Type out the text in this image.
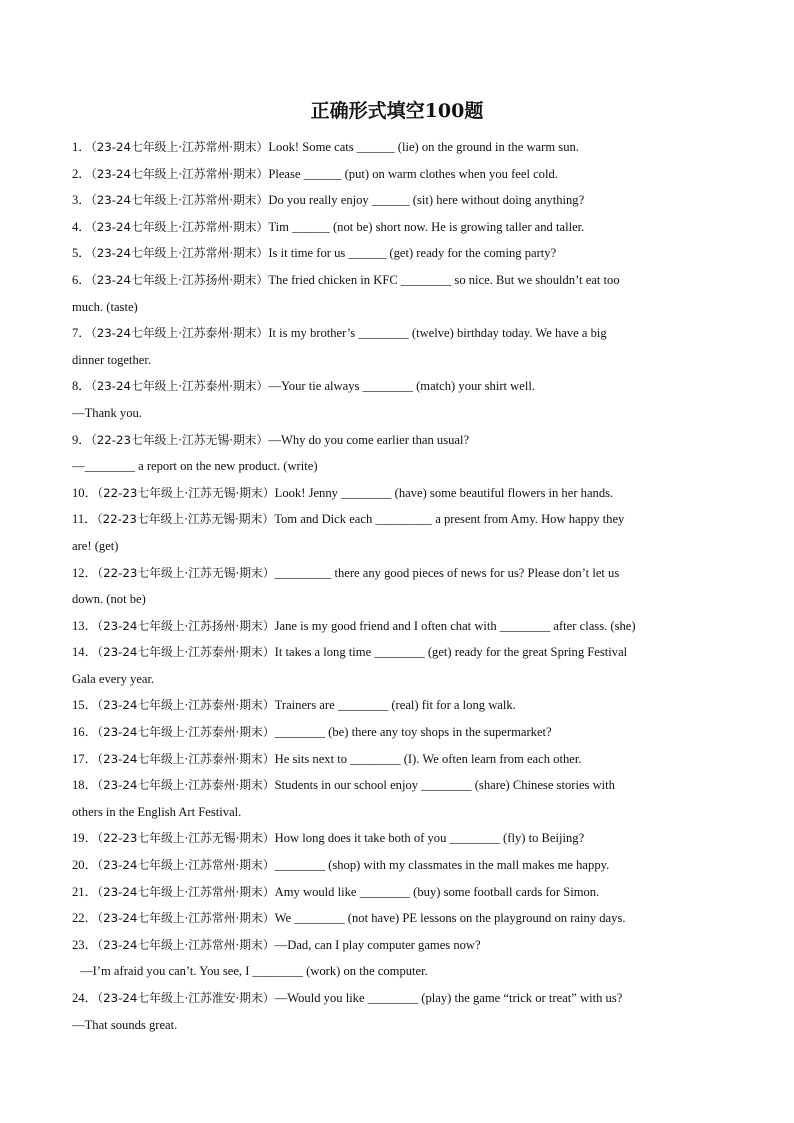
正确形式填空100题
1．（23-24七年级上·江苏常州·期末）Look! Some cats ______ (lie) on the ground in the warm sun.
2．（23-24七年级上·江苏常州·期末）Please ______ (put) on warm clothes when you feel cold.
3．（23-24七年级上·江苏常州·期末）Do you really enjoy ______ (sit) here without doing anything?
4．（23-24七年级上·江苏常州·期末）Tim ______ (not be) short now. He is growing taller and taller.
5．（23-24七年级上·江苏常州·期末）Is it time for us ______ (get) ready for the coming party?
6．（23-24七年级上·江苏扬州·期末）The fried chicken in KFC ________ so nice. But we shouldn’t eat too
much. (taste)
7．（23-24七年级上·江苏泰州·期末）It is my brother’s ________ (twelve) birthday today. We have a big
dinner together.
8．（23-24七年级上·江苏泰州·期末）—Your tie always ________ (match) your shirt well.
—Thank you.
9．（22-23七年级上·江苏无锡·期末）—Why do you come earlier than usual?
—________ a report on the new product. (write)
10．（22-23七年级上·江苏无锡·期末）Look! Jenny ________ (have) some beautiful flowers in her hands.
11．（22-23七年级上·江苏无锡·期末）Tom and Dick each _________ a present from Amy. How happy they
are! (get)
12．（22-23七年级上·江苏无锡·期末）_________ there any good pieces of news for us? Please don’t let us
down. (not be)
13．（23-24七年级上·江苏扬州·期末）Jane is my good friend and I often chat with ________ after class. (she)
14．（23-24七年级上·江苏泰州·期末）It takes a long time ________ (get) ready for the great Spring Festival
Gala every year.
15．（23-24七年级上·江苏泰州·期末）Trainers are ________ (real) fit for a long walk.
16．（23-24七年级上·江苏泰州·期末）________ (be) there any toy shops in the supermarket?
17．（23-24七年级上·江苏泰州·期末）He sits next to ________ (I). We often learn from each other.
18．（23-24七年级上·江苏泰州·期末）Students in our school enjoy ________ (share) Chinese stories with
others in the English Art Festival.
19．（22-23七年级上·江苏无锡·期末）How long does it take both of you ________ (fly) to Beijing?
20．（23-24七年级上·江苏常州·期末）________ (shop) with my classmates in the mall makes me happy.
21．（23-24七年级上·江苏常州·期末）Amy would like ________ (buy) some football cards for Simon.
22．（23-24七年级上·江苏常州·期末）We ________ (not have) PE lessons on the playground on rainy days.
23．（23-24七年级上·江苏常州·期末）—Dad, can I play computer games now?
—I’m afraid you can’t. You see, I ________ (work) on the computer.
24．（23-24七年级上·江苏淮安·期末）—Would you like ________ (play) the game “trick or treat” with us?
—That sounds great.
